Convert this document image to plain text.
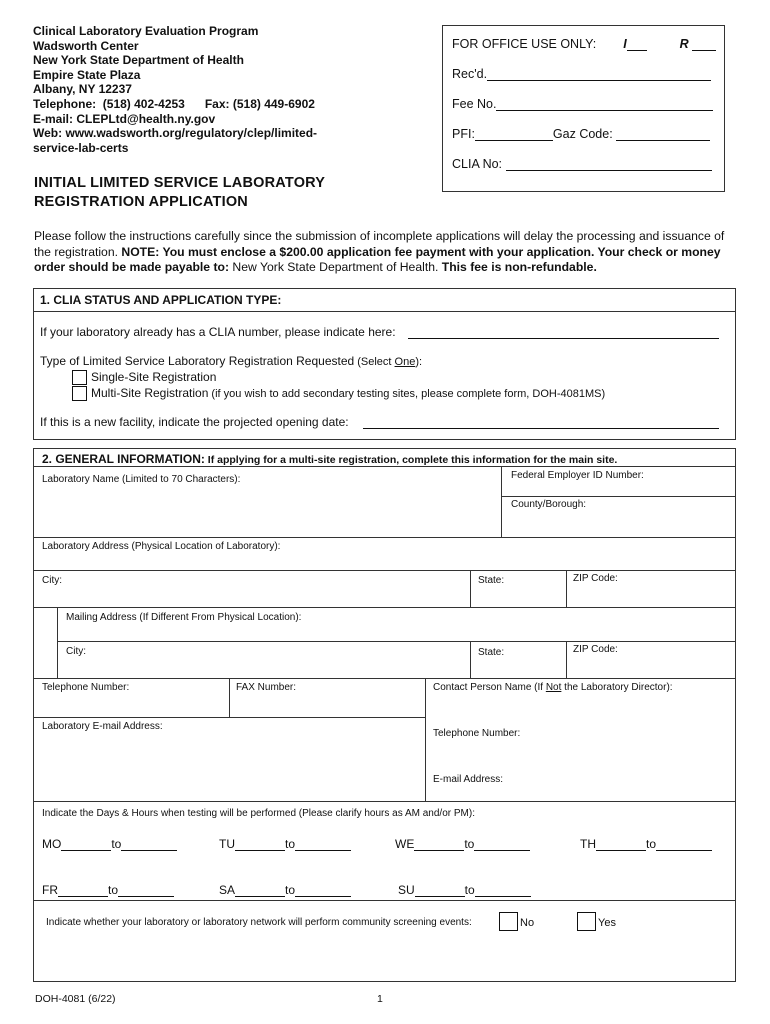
Clinical Laboratory Evaluation Program
Wadsworth Center
New York State Department of Health
Empire State Plaza
Albany, NY 12237
Telephone:  (518) 402-4253      Fax: (518) 449-6902
E-mail: CLEPLtd@health.ny.gov
Web: www.wadsworth.org/regulatory/clep/limited-
service-lab-certs
FOR OFFICE USE ONLY: I	R
Rec'd.
Fee No.
PFI:	Gaz Code:
CLIA No:
INITIAL LIMITED SERVICE LABORATORY
REGISTRATION APPLICATION
Please follow the instructions carefully since the submission of incomplete applications will delay the processing and issuance of the registration. NOTE: You must enclose a $200.00 application fee payment with your application. Your check or money order should be made payable to: New York State Department of Health. This fee is non-refundable.
1. CLIA STATUS AND APPLICATION TYPE:
If your laboratory already has a CLIA number, please indicate here:
Type of Limited Service Laboratory Registration Requested (Select One):
Single-Site Registration
Multi-Site Registration (if you wish to add secondary testing sites, please complete form, DOH-4081MS)
If this is a new facility, indicate the projected opening date:
2. GENERAL INFORMATION: If applying for a multi-site registration, complete this information for the main site.
Laboratory Name (Limited to 70 Characters):	Federal Employer ID Number:
County/Borough:
Laboratory Address (Physical Location of Laboratory):
City:	State:	ZIP Code:
Mailing Address (If Different From Physical Location):
City:	State:	ZIP Code:
Telephone Number:	FAX Number:	Contact Person Name (If Not the Laboratory Director):
Laboratory E-mail Address:
Telephone Number:
E-mail Address:
Indicate the Days & Hours when testing will be performed (Please clarify hours as AM and/or PM):
MO	to	TU	to	WE	to	TH	to
FR	to	SA	to	SU	to
Indicate whether your laboratory or laboratory network will perform community screening events:	No	Yes
DOH-4081 (6/22)	1
